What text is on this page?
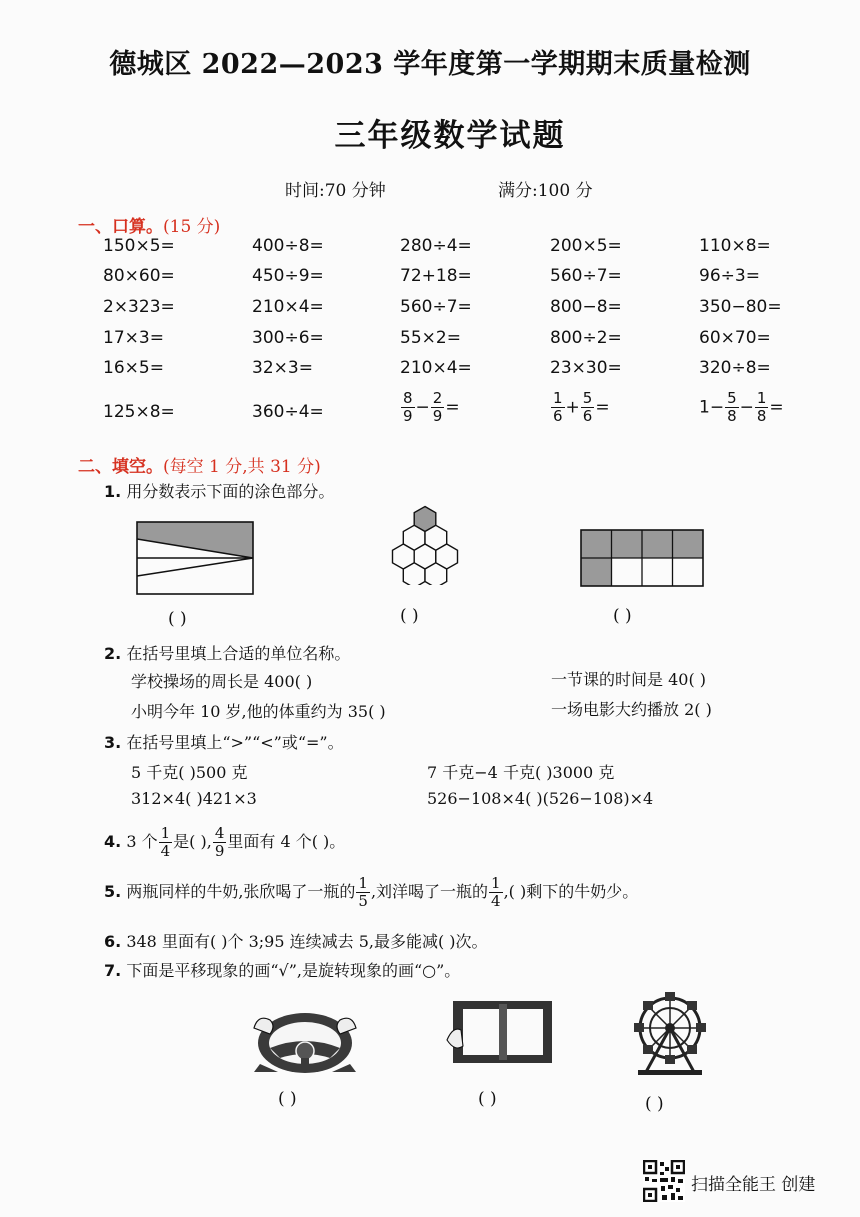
德城区 2022—2023 学年度第一学期期末质量检测
三年级数学试题
时间:70 分钟	满分:100 分
一、口算。(15 分)
150×5=	400÷8=	280÷4=	200×5=	110×8=
80×60=	450÷9=	72+18=	560÷7=	96÷3=
2×323=	210×4=	560÷7=	800−8=	350−80=
17×3=	300÷6=	55×2=	800÷2=	60×70=
16×5=	32×3=	210×4=	23×30=	320÷8=
125×8=	360÷4=	$\frac{8}{9} - \frac{2}{9}$ =	$\frac{1}{6} + \frac{5}{6}$ =	$1- \frac{5}{8} - \frac{1}{8}$ =
二、填空。(每空 1 分,共 31 分)
1. 用分数表示下面的涂色部分。
( )	( )	( )
2. 在括号里填上合适的单位名称。
学校操场的周长是 400( )	一节课的时间是 40( )
小明今年 10 岁,他的体重约为 35( )	一场电影大约播放 2( )
3. 在括号里填上“>”“<”或“=”。
5 千克( )500 克	7 千克−4 千克( )3000 克
312×4( )421×3	526−108×4( )(526−108)×4
4. 3 个 $\frac{1}{4}$ 是( ), $\frac{4}{9}$ 里面有 4 个( )。
5. 两瓶同样的牛奶,张欣喝了一瓶的 $\frac{1}{5}$ ,刘洋喝了一瓶的 $\frac{1}{4}$ ,( )剩下的牛奶少。
6. 348 里面有( )个 3;95 连续减去 5,最多能减( )次。
7. 下面是平移现象的画“√”,是旋转现象的画“○”。
( )	( )	( )
扫描全能王 创建
